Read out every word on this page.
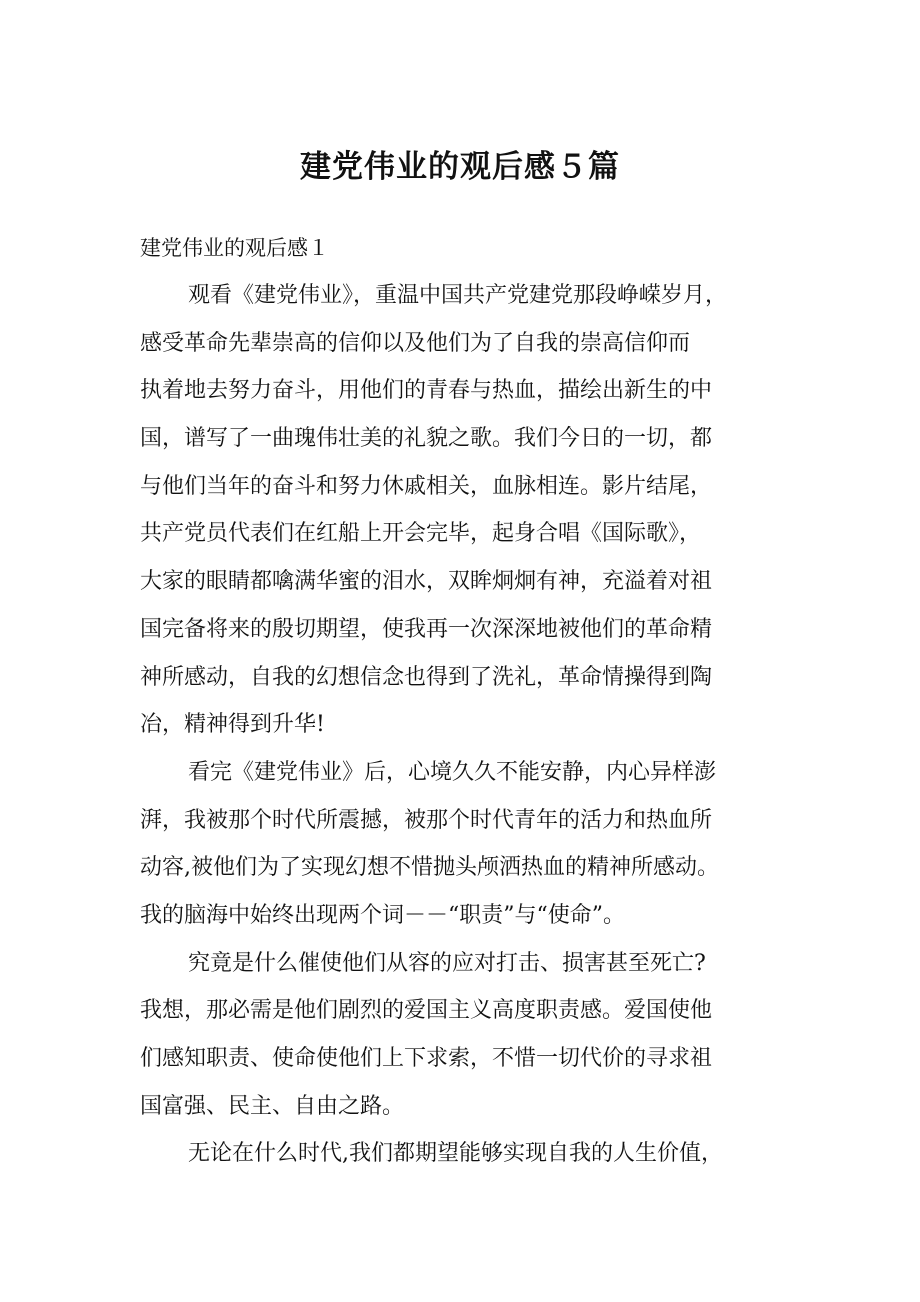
建党伟业的观后感５篇

建党伟业的观后感１

观看《建党伟业》，重温中国共产党建党那段峥嵘岁月，
感受革命先辈崇高的信仰以及他们为了自我的崇高信仰而
执着地去努力奋斗，用他们的青春与热血，描绘出新生的中
国，谱写了一曲瑰伟壮美的礼貌之歌。我们今日的一切，都
与他们当年的奋斗和努力休戚相关，血脉相连。影片结尾，
共产党员代表们在红船上开会完毕，起身合唱《国际歌》，
大家的眼睛都噙满华蜜的泪水，双眸炯炯有神，充溢着对祖
国完备将来的殷切期望，使我再一次深深地被他们的革命精
神所感动，自我的幻想信念也得到了洗礼，革命情操得到陶
冶，精神得到升华!
看完《建党伟业》后，心境久久不能安静，内心异样澎
湃，我被那个时代所震撼，被那个时代青年的活力和热血所
动容,被他们为了实现幻想不惜抛头颅洒热血的精神所感动。
我的脑海中始终出现两个词－－“职责”与“使命”。
究竟是什么催使他们从容的应对打击、损害甚至死亡?
我想，那必需是他们剧烈的爱国主义高度职责感。爱国使他
们感知职责、使命使他们上下求索，不惜一切代价的寻求祖
国富强、民主、自由之路。
无论在什么时代,我们都期望能够实现自我的人生价值，
